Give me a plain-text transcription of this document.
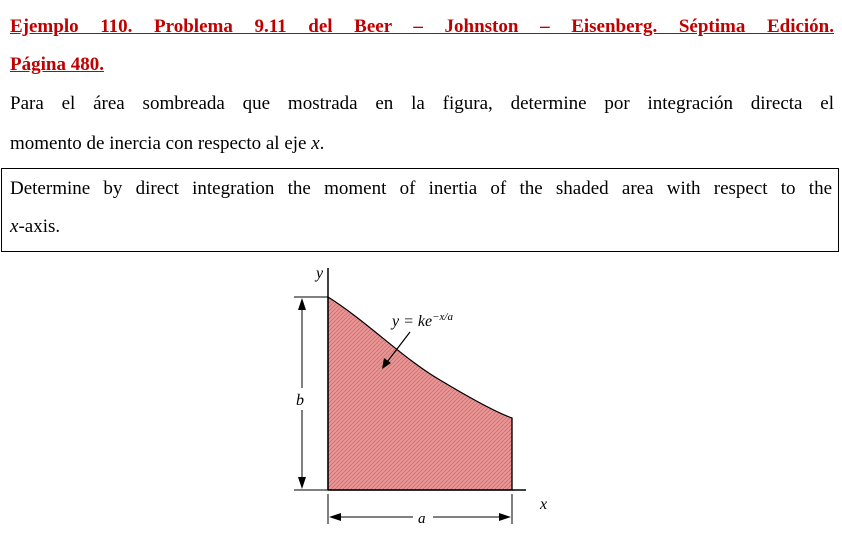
Ejemplo 110. Problema 9.11 del Beer – Johnston – Eisenberg. Séptima Edición.
Página 480.
Para el área sombreada que mostrada en la figura, determine por integración directa el
momento de inercia con respecto al eje x.
Determine by direct integration the moment of inertia of the shaded area with respect to the
x-axis.
y
x
b
a
$y = ke^{-x/a}$
